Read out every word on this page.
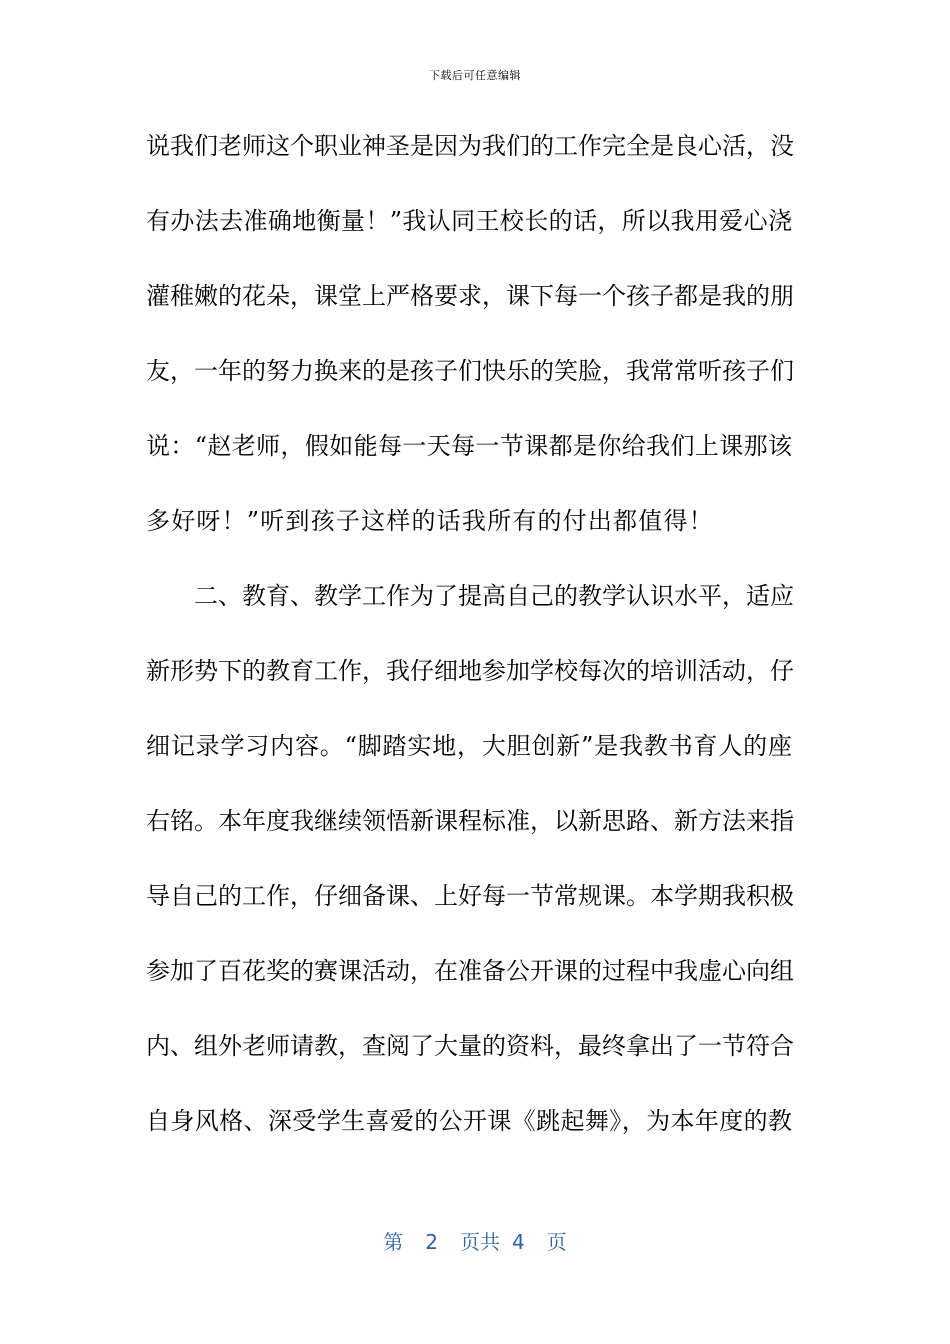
下载后可任意编辑
说我们老师这个职业神圣是因为我们的工作完全是良心活，没
有办法去准确地衡量！”我认同王校长的话，所以我用爱心浇
灌稚嫩的花朵，课堂上严格要求，课下每一个孩子都是我的朋
友，一年的努力换来的是孩子们快乐的笑脸，我常常听孩子们
说：“赵老师，假如能每一天每一节课都是你给我们上课那该
多好呀！”听到孩子这样的话我所有的付出都值得！
二、教育、教学工作为了提高自己的教学认识水平，适应
新形势下的教育工作，我仔细地参加学校每次的培训活动，仔
细记录学习内容。“脚踏实地，大胆创新”是我教书育人的座
右铭。本年度我继续领悟新课程标准，以新思路、新方法来指
导自己的工作，仔细备课、上好每一节常规课。本学期我积极
参加了百花奖的赛课活动，在准备公开课的过程中我虚心向组
内、组外老师请教，查阅了大量的资料，最终拿出了一节符合
自身风格、深受学生喜爱的公开课《跳起舞》，为本年度的教
第 2 页共 4 页
